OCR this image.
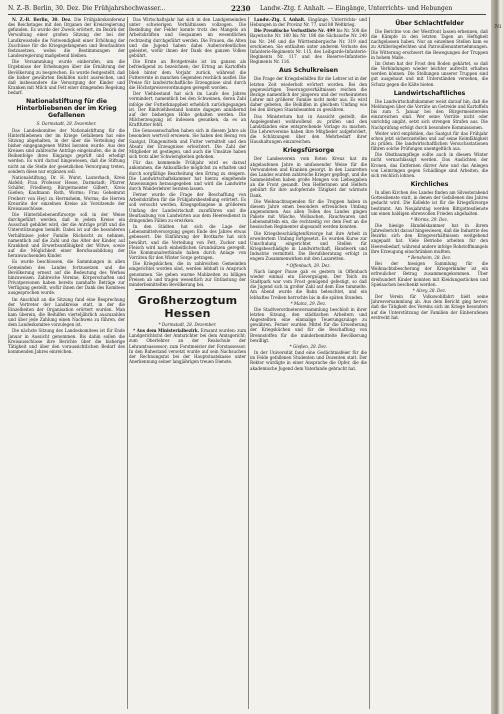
N. Z.-B. Berlin, 30. Dez. Die Frühjahrshochwasser...	2230 Landw.-Ztg. f. Anhalt. — Eingänge, Unterrichts- und Hebungen

N. Z.-B. Berlin, 30. Dez. Die Frühjahrskonferenz des Reichstages mit den Organen der Kreisregierung gefunden. Es wurde der Zweck erörtert, im Bezirk der Verwaltung einer großen Sitzung der bei der Landkreisstelle die Notwendigkeit einer Erhöhung der Zuschüsse für die Kriegsgefangenen und Beurlaubten festzusetzen, wobei die Bestimmungen der Landesregierung maßgebend bleiben.

Die Versammlung wurde einberufen, um die Ergebnisse der Erhebungen über die Ernährung der Bevölkerung zu besprechen. Es wurde festgestellt, daß die bisher gewährten Beihilfen nicht ausreichen, und daß insbesondere die Versorgung der Kinder und Kranken mit Milch und Fett einer dringenden Regelung bedarf.

Nationalstiftung für die Hinterbliebenen der im Krieg Gefallenen

S. Darmstadt, 28. Dezember.

Das Landeskomitee der Nationalstiftung für die Hinterbliebenen der im Kriege Gefallenen hat eine Sitzung abgehalten, in der über die Verteilung der bisher eingegangenen Mittel beraten wurde. Aus den Kreisen sind zahlreiche Anträge eingelaufen, die in der Reihenfolge ihres Eingangs geprüft und erledigt werden. Es wird darauf hingewiesen, daß die Stiftung nicht an die Stelle der gesetzlichen Versorgung treten, sondern diese nur ergänzen soll.

Nationalstiftung, Dr. H. Wurst, Lauterbach, Kreis Alsfeld; Frau Professor Hesse, Darmstadt; Pfarrer Schäfer, Friedberg; Bürgermeister Gilbert, Kreis Gießen; Kaufmann Roth, Worms; Frau Geheimrat Freiherr von Heyl zu Herrnsheim, Worms; die Herren Kreisräte der einzelnen Kreise als Vorsitzende der Kreisausschüsse.

Die Hinterbliebenenfürsorge soll in der Weise durchgeführt werden, daß in jedem Kreise ein Ausschuß gebildet wird, der die Anträge prüft und die Unterstützungen bemißt. Dabei ist auf die besonderen Verhältnisse jeder Familie Rücksicht zu nehmen, namentlich auf die Zahl und das Alter der Kinder, auf Krankheit und Erwerbsunfähigkeit der Witwe, sowie auf die Möglichkeit einer Berufsausbildung der heranwachsenden Kinder.

Es wurde beschlossen, die Sammlungen in allen Gemeinden des Landes fortzusetzen und die Bevölkerung erneut auf die Bedeutung des Werkes hinzuweisen. Zahlreiche Vereine, Körperschaften und Privatpersonen haben bereits namhafte Beträge zur Verfügung gestellt, wofür ihnen der Dank des Komitees ausgesprochen wurde.

Im Anschluß an die Sitzung fand eine Besprechung der Vertreter der Landkreise statt, in der die Einzelheiten der Organisation erörtert wurden. Man kam überein, die Beihilfen vierteljährlich auszuzahlen und über jede Zahlung einen Nachweis zu führen, der dem Landeskomitee vorzulegen ist.

Die nächste Sitzung des Landeskomitees ist für Ende Januar in Aussicht genommen. Bis dahin sollen die Kreisausschüsse ihre Berichte über die bisherige Tätigkeit und über den voraussichtlichen Bedarf des kommenden Jahres einreichen.

Das Wirtschaftsjahr hat sich in den Landgemeinden unter schwierigen Verhältnissen vollzogen. Die Bestellung der Felder konnte trotz des Mangels an Arbeitskräften und Gespannen im wesentlichen rechtzeitig durchgeführt werden. Die Frauen, die Alten und die Jugend haben dabei Außerordentliches geleistet, wofür ihnen der Dank des ganzen Volkes gebührt.

Die Ernte an Brotgetreide ist im ganzen als befriedigend zu bezeichnen; der Ertrag an Kartoffeln blieb hinter dem Vorjahr zurück, während die Futterernte in manchen Gegenden reichlich ausfiel. Die Preise für landwirtschaftliche Erzeugnisse sind durch die Höchstpreisverordnungen geregelt worden.

Der Viehbestand hat sich im Laufe des Jahres vermindert, namentlich bei den Schweinen, deren Zahl infolge der Futterknappheit erheblich zurückgegangen ist. Der Rindviehbestand konnte dagegen annähernd auf der bisherigen Höhe gehalten werden. Die Milcherzeugung ist indessen gesunken, da es an Kraftfutter fehlt.

Die Genossenschaften haben sich in diesem Jahre als besonders wertvoll erwiesen. Sie haben den Bezug von Saatgut, Düngemitteln und Futter vermittelt und den Absatz der Erzeugnisse erleichtert. Die Zahl der Mitglieder ist gestiegen, und auch die Umsätze haben sich trotz aller Schwierigkeiten gehoben.

Für das kommende Frühjahr wird es darauf ankommen, die Anbaufläche möglichst zu erhalten und durch sorgfältige Bearbeitung den Ertrag zu steigern. Die Landwirtschaftskammer hat hierzu eingehende Anweisungen herausgegeben und wird die Landwirte durch Wanderlehrer beraten lassen.

Ferner wurde die Frage der Beschaffung von Arbeitskräften für die Frühjahrsbestellung erörtert. Es soll versucht werden, Kriegsgefangene in größerem Umfang der Landwirtschaft zuzuführen und die Beurlaubung von Landwirten aus dem Heeresdienst in dringenden Fällen zu erwirken.

In den Städten hat sich die Lage der Lebensmittelversorgung gegen Ende des Jahres etwas gebessert. Die Einführung der Brotkarte hat sich bewährt, und die Verteilung von Fett, Zucker und Fleisch wird nach einheitlichen Grundsätzen geregelt. Die Kommunalverbände haben durch Anlage von Vorräten für den Winter Sorge getragen.

Die Kriegsküchen, die in zahlreichen Gemeinden eingerichtet worden sind, werden lebhaft in Anspruch genommen. Sie geben warme Mahlzeiten zu billigen Preisen ab und tragen wesentlich zur Entlastung der minderbemittelten Bevölkerung bei.

Großherzogtum Hessen

* Darmstadt, 28. Dezember.

* Aus dem Ministerialbezirk. Ernannt wurden: zum Landgerichtsrat der Amtsrichter bei dem Amtsgericht; zum Oberlehrer an der Realschule der Lehramtsassessor; zum Forstmeister der Forstassessor. In den Ruhestand versetzt wurde auf sein Nachsuchen der Rechnungsrat bei der Hauptstaatskasse unter Anerkennung seiner langjährigen treuen Dienste.

Landw.-Ztg. f. Anhalt. Eingänge, Unterrichts- und Hebungen in der Provinz Nr. 77, und 88 Weltkrieg.

Die Preußische Verlustliste Nr. 499 bis Nr. 508 die Bayerische Nr. 180 bis Nr. 186 die Sächsische Nr. 240 bis Nr. 246 und die Württembergische Nr. 319 sind erschienen. Sie enthalten unter anderem Verluste des Infanterie-Regiments Nr. 115, des Leibgarde-Infanterie-Regiments Nr. 117 und des Reserve-Infanterie-Regiments Nr. 116.

Aus Schulkreisen

Die Frage der Kriegsbeihilfen für die Lehrer ist in der letzten Zeit wiederholt erörtert worden. Bei den gegenwärtigen Teuerungsverhältnissen reichen die Bezüge namentlich der jüngeren und der verheirateten Lehrer mit größerer Familie nicht mehr aus. Es wird daher gebeten, die Beihilfen in gleichem Umfang wie bei den übrigen Staatsbeamten zu gewähren.

Das Ministerium hat in Aussicht gestellt, die Angelegenheit wohlwollend zu prüfen und den Landständen eine entsprechende Vorlage zu machen. Die Lehrervereine haben ihre Mitglieder aufgefordert, die Schätzungen über den Mehrbedarf ihrer Haushaltungen einzureichen.

Kriegsfürsorge

Der Landesverein vom Roten Kreuz hat im abgelaufenen Jahre in umfassender Weise für die Verwundeten und Kranken gesorgt. In den Lazaretten des Landes wurden zahlreiche Krieger gepflegt, und die Sammelstellen haben große Mengen von Liebesgaben an die Front gesandt. Den Helferinnen und Helfern gebührt für ihre aufopfernde Tätigkeit der wärmste Dank.

Die Weihnachtsspenden für die Truppen haben in diesem Jahre einen besonders erfreulichen Umfang angenommen. Aus allen Teilen des Landes gingen Pakete mit Wäsche, Wollsachen, Rauchwaren und Lebensmitteln ein, die rechtzeitig vor dem Fest an die hessischen Regimenter abgesandt werden konnten.

Die Kriegsbeschädigtenfürsorge hat ihre Arbeit in erweitertem Umfang fortgesetzt. Es wurden Kurse zur Umschulung eingerichtet und Stellen für Kriegsbeschädigte in Landwirtschaft, Handwerk und Industrie vermittelt. Die Berufsberatung erfolgt in engem Zusammenwirken mit den Lazaretten.

* Offenbach, 29. Dez.

Nach langer Pause gab es gestern in Offenbach wieder einmal ein Eisvergnügen. Der Teich im Stadtpark war vom Frost genügend gefestigt, so daß die Jugend sich in großer Zahl auf dem Eise tummelte. Am Abend wurde die Bahn beleuchtet, und ein lebhaftes Treiben herrschte bis in die späten Stunden.

* Mainz, 29. Dez.

Die Stadtverordnetenversammlung beschloß in ihrer letzten Sitzung, den städtischen Arbeitern und Angestellten eine einmalige Teuerungszulage zu gewähren. Ferner wurden Mittel für die Erweiterung der Kriegsküchen und für die Beschaffung von Brennstoffen für die minderbemittelte Bevölkerung bewilligt.

* Gießen, 28. Dez.

In der Universität fand eine Gedächtnisfeier für die im Felde gefallenen Studenten und Dozenten statt. Der Rektor würdigte in einer Ansprache die Opfer, die die akademische Jugend dem Vaterlande gebracht hat.

Über Schlachtfelder

Die Berichte von der Westfront lassen erkennen, daß die Kämpfe in den letzten Tagen an Heftigkeit nachgelassen haben. Nur an einzelnen Stellen kam es zu Artilleriegefechten und Patrouillenunternehmungen. Die Witterung erschwert die Bewegungen der Truppen in hohem Maße.

Im Osten hat der Frost den Boden gehärtet, so daß die Verbindungen wieder leichter aufrecht erhalten werden können. Die Stellungen unserer Truppen sind gut ausgebaut und mit Unterständen versehen, die Schutz gegen die Kälte bieten.

Landwirtschaftliches

Die Landwirtschaftskammer weist darauf hin, daß die Meldungen über die Vorräte an Getreide und Kartoffeln bis zum 5. Januar bei den Bürgermeistereien einzureichen sind. Wer seine Vorräte nicht oder unrichtig angibt, setzt sich strengen Strafen aus. Die Nachprüfung erfolgt durch besondere Kommissionen.

Weiter wird empfohlen, das Saatgut für das Frühjahr schon jetzt sicherzustellen und auf seine Keimfähigkeit zu prüfen. Die landwirtschaftlichen Versuchsstationen führen solche Prüfungen unentgeltlich aus.

Die Obstbaumpflege sollte auch in diesem Winter nicht vernachlässigt werden. Das Auslichten der Kronen, das Entfernen dürrer Äste und das Anlegen von Leimringen gegen Schädlinge sind Arbeiten, die sich reichlich lohnen.

Kirchliches

In allen Kirchen des Landes finden am Silvesterabend Gottesdienste statt, in denen der Gefallenen des Jahres gedacht wird. Die Kollekte ist für die Kriegsfürsorge bestimmt. Am Neujahrstag werden Bittgottesdienste um einen baldigen ehrenvollen Frieden abgehalten.

* Worms, 29. Dez.

Die hiesige Handelskammer hat in ihrem Jahresbericht darauf hingewiesen, daß die Industrie des Bezirks sich den Kriegsverhältnissen weitgehend angepaßt hat. Viele Betriebe arbeiten für den Heeresbedarf, während andere infolge Rohstoffmangels ihre Erzeugung einschränken mußten.

* Bensheim, 28. Dez.

Bei der hiesigen Sammlung für die Weihnachtsbescherung der Kriegerkinder ist ein erfreulicher Betrag zusammengekommen. Über dreihundert Kinder konnten mit Kleidungsstücken und Spielsachen beschenkt werden.

* Alzey, 28. Dez.

Der Verein für Volkswohlfahrt hielt seine Jahresversammlung ab. Aus dem Bericht ging hervor, daß die Tätigkeit des Vereins sich im Kriege besonders auf die Unterstützung der Familien der Einberufenen erstreckt hat.

Ni
